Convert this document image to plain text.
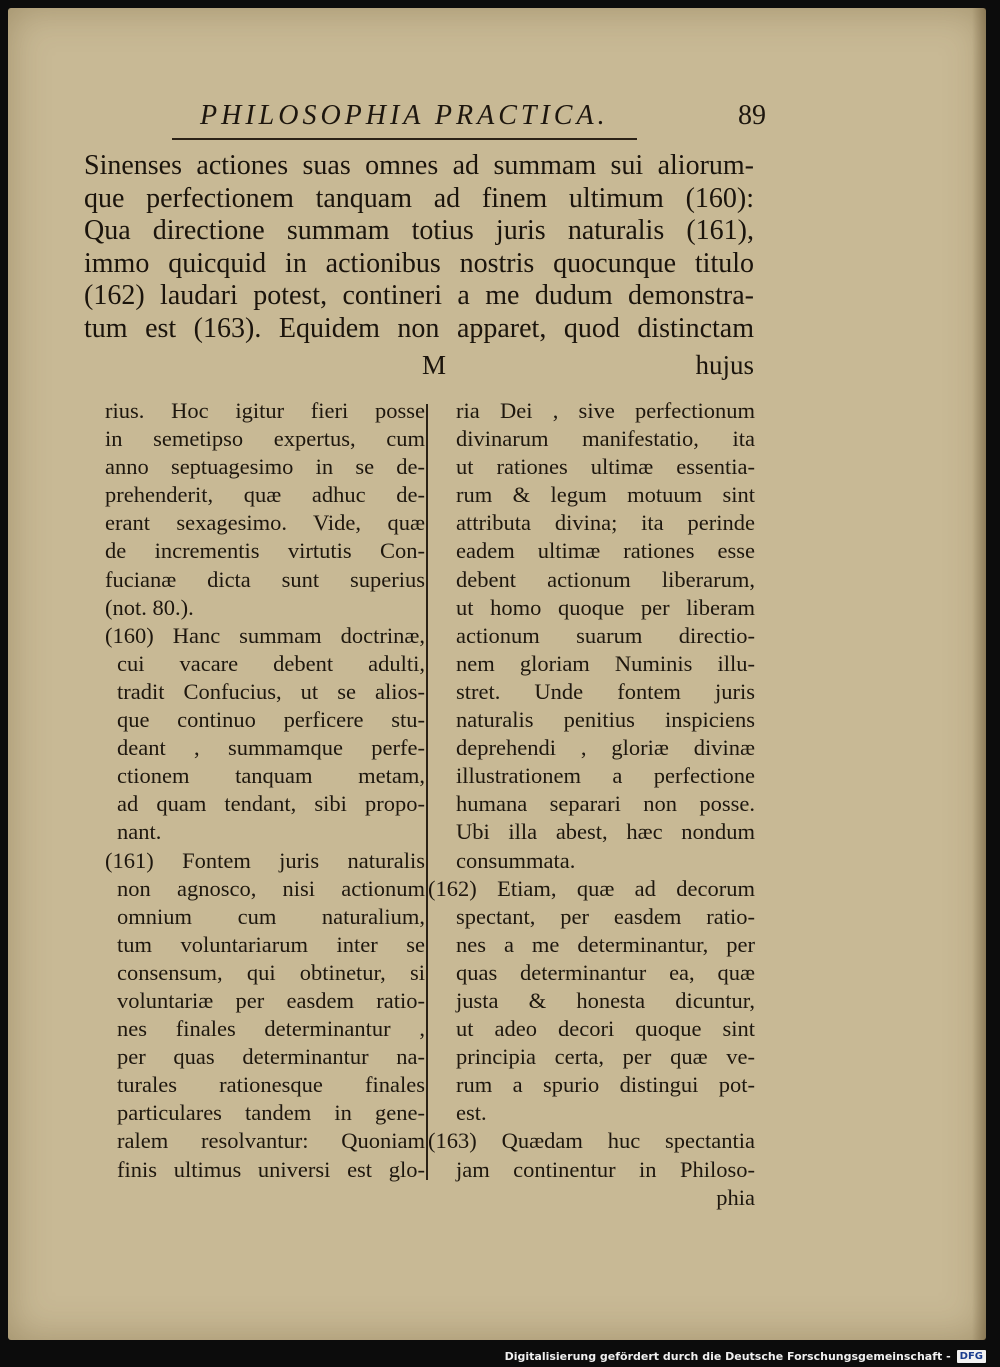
PHILOSOPHIA PRACTICA.	89
Sinenses actiones suas omnes ad summam sui aliorum-
que perfectionem tanquam ad finem ultimum (160):
Qua directione summam totius juris naturalis (161),
immo quicquid in actionibus nostris quocunque titulo
(162) laudari potest, contineri a me dudum demonstra-
tum est (163). Equidem non apparet, quod distinctam
M	hujus
rius. Hoc igitur fieri posse
in semetipso expertus, cum
anno septuagesimo in se de-
prehenderit, quæ adhuc de-
erant sexagesimo. Vide, quæ
de incrementis virtutis Con-
fucianæ dicta sunt superius
(not. 80.).
(160) Hanc summam doctrinæ,
cui vacare debent adulti,
tradit Confucius, ut se alios-
que continuo perficere stu-
deant , summamque perfe-
ctionem tanquam metam,
ad quam tendant, sibi propo-
nant.
(161) Fontem juris naturalis
non agnosco, nisi actionum
omnium cum naturalium,
tum voluntariarum inter se
consensum, qui obtinetur, si
voluntariæ per easdem ratio-
nes finales determinantur ,
per quas determinantur na-
turales rationesque finales
particulares tandem in gene-
ralem resolvantur: Quoniam
finis ultimus universi est glo-
ria Dei , sive perfectionum
divinarum manifestatio, ita
ut rationes ultimæ essentia-
rum & legum motuum sint
attributa divina; ita perinde
eadem ultimæ rationes esse
debent actionum liberarum,
ut homo quoque per liberam
actionum suarum directio-
nem gloriam Numinis illu-
stret. Unde fontem juris
naturalis penitius inspiciens
deprehendi , gloriæ divinæ
illustrationem a perfectione
humana separari non posse.
Ubi illa abest, hæc nondum
consummata.
(162) Etiam, quæ ad decorum
spectant, per easdem ratio-
nes a me determinantur, per
quas determinantur ea, quæ
justa & honesta dicuntur,
ut adeo decori quoque sint
principia certa, per quæ ve-
rum a spurio distingui pot-
est.
(163) Quædam huc spectantia
jam continentur in Philoso-
phia
Digitalisierung gefördert durch die Deutsche Forschungsgemeinschaft - DFG
